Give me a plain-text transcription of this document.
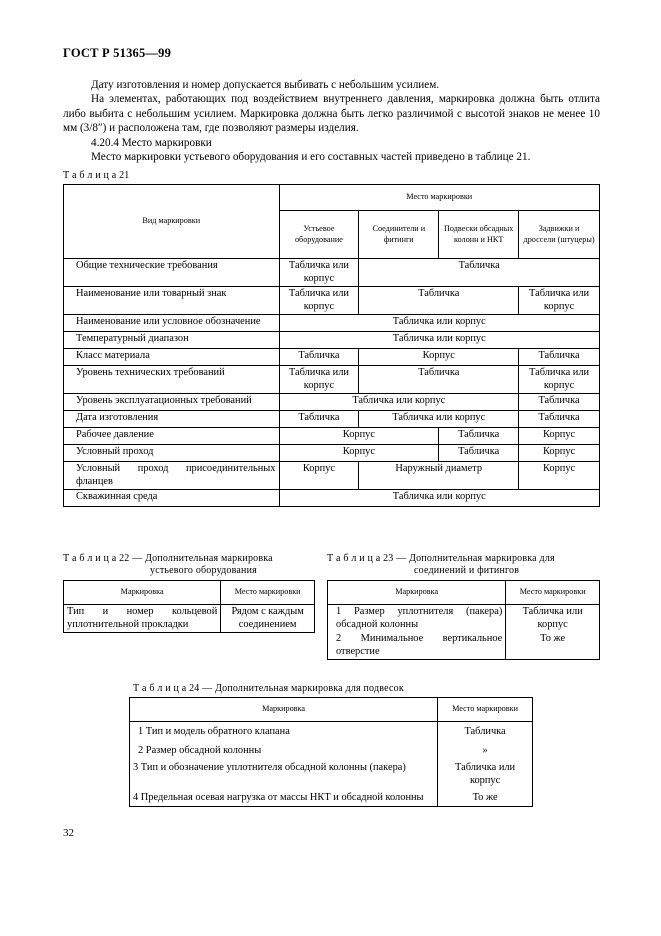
ГОСТ Р 51365—99

Дату изготовления и номер допускается выбивать с небольшим усилием.

На элементах, работающих под воздействием внутреннего давления, маркировка должна быть отлита либо выбита с небольшим усилием. Маркировка должна быть легко различимой с высотой знаков не менее 10 мм (3/8″) и расположена там, где позволяют размеры изделия.

4.20.4 Место маркировки

Место маркировки устьевого оборудования и его составных частей приведено в таблице 21.

Т а б л и ц а 21
Вид маркировки	Место маркировки			
	Устьевое оборудование	Соединители и фитинги	Подвески обсадных колонн и НКТ	Задвижки и дроссели (штуцеры)
Общие технические требования	Табличка или корпус	Табличка		
Наименование или товарный знак	Табличка или корпус	Табличка		Табличка или корпус
Наименование или условное обозначение	Табличка или корпус			
Температурный диапазон	Табличка или корпус			
Класс материала	Табличка	Корпус		Табличка
Уровень технических требований	Табличка или корпус	Табличка		Табличка или корпус
Уровень эксплуатационных требований	Табличка или корпус			Табличка
Дата изготовления	Табличка	Табличка или корпус		Табличка
Рабочее давление	Корпус		Табличка	Корпус
Условный проход	Корпус		Табличка	Корпус
Условный проход присоединительных фланцев	Корпус	Наружный диаметр		Корпус
Скважинная среда	Табличка или корпус			
Т а б л и ц а 22 — Дополнительная маркировка
устьевого оборудования
Маркировка	Место маркировки
Тип и номер кольцевой уплотнительной прокладки	Рядом с каждым соединением
Т а б л и ц а 23 — Дополнительная маркировка для
соединений и фитингов
Маркировка	Место маркировки
1 Размер уплотнителя (пакера) обсадной колонны	Табличка или корпус
2 Минимальное вертикальное отверстие	То же
Т а б л и ц а 24 — Дополнительная маркировка для подвесок
Маркировка	Место маркировки
1 Тип и модель обратного клапана	Табличка
2 Размер обсадной колонны	»
3 Тип и обозначение уплотнителя обсадной колонны (пакера)	Табличка или корпус
4 Предельная осевая нагрузка от массы НКТ и обсадной колонны	То же
32
